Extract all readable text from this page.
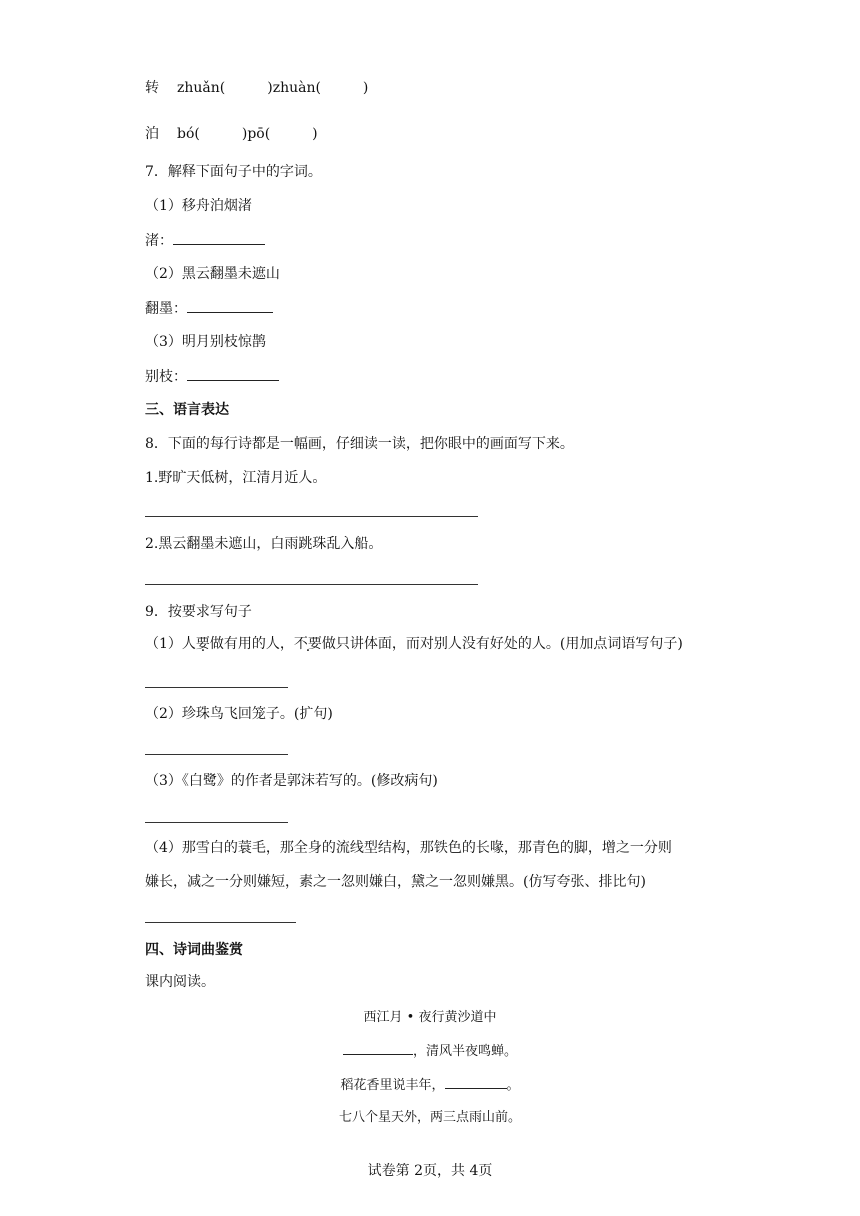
转 zhuǎn(　　　)zhuàn(　　　)
泊 bó(　　　)pō(　　　)
7．解释下面句子中的字词。
（1）移舟泊烟渚
渚：
（2）黑云翻墨未遮山
翻墨：
（3）明月别枝惊鹊
别枝：
三、语言表达
8．下面的每行诗都是一幅画，仔细读一读，把你眼中的画面写下来。
1.野旷天低树，江清月近人。
2.黑云翻墨未遮山，白雨跳珠乱入船。
9．按要求写句子
（1）人要做有用的人，不要做只讲体面，而对别人没有好处的人。(用加点词语写句子)
（2）珍珠鸟飞回笼子。(扩句)
（3）《白鹭》的作者是郭沫若写的。(修改病句)
（4）那雪白的蓑毛，那全身的流线型结构，那铁色的长喙，那青色的脚，增之一分则
嫌长，减之一分则嫌短，素之一忽则嫌白，黛之一忽则嫌黑。(仿写夸张、排比句)
四、诗词曲鉴赏
课内阅读。
西江月 • 夜行黄沙道中
，清风半夜鸣蝉。
稻花香里说丰年，	。
七八个星天外，两三点雨山前。
试卷第 2页，共 4页
